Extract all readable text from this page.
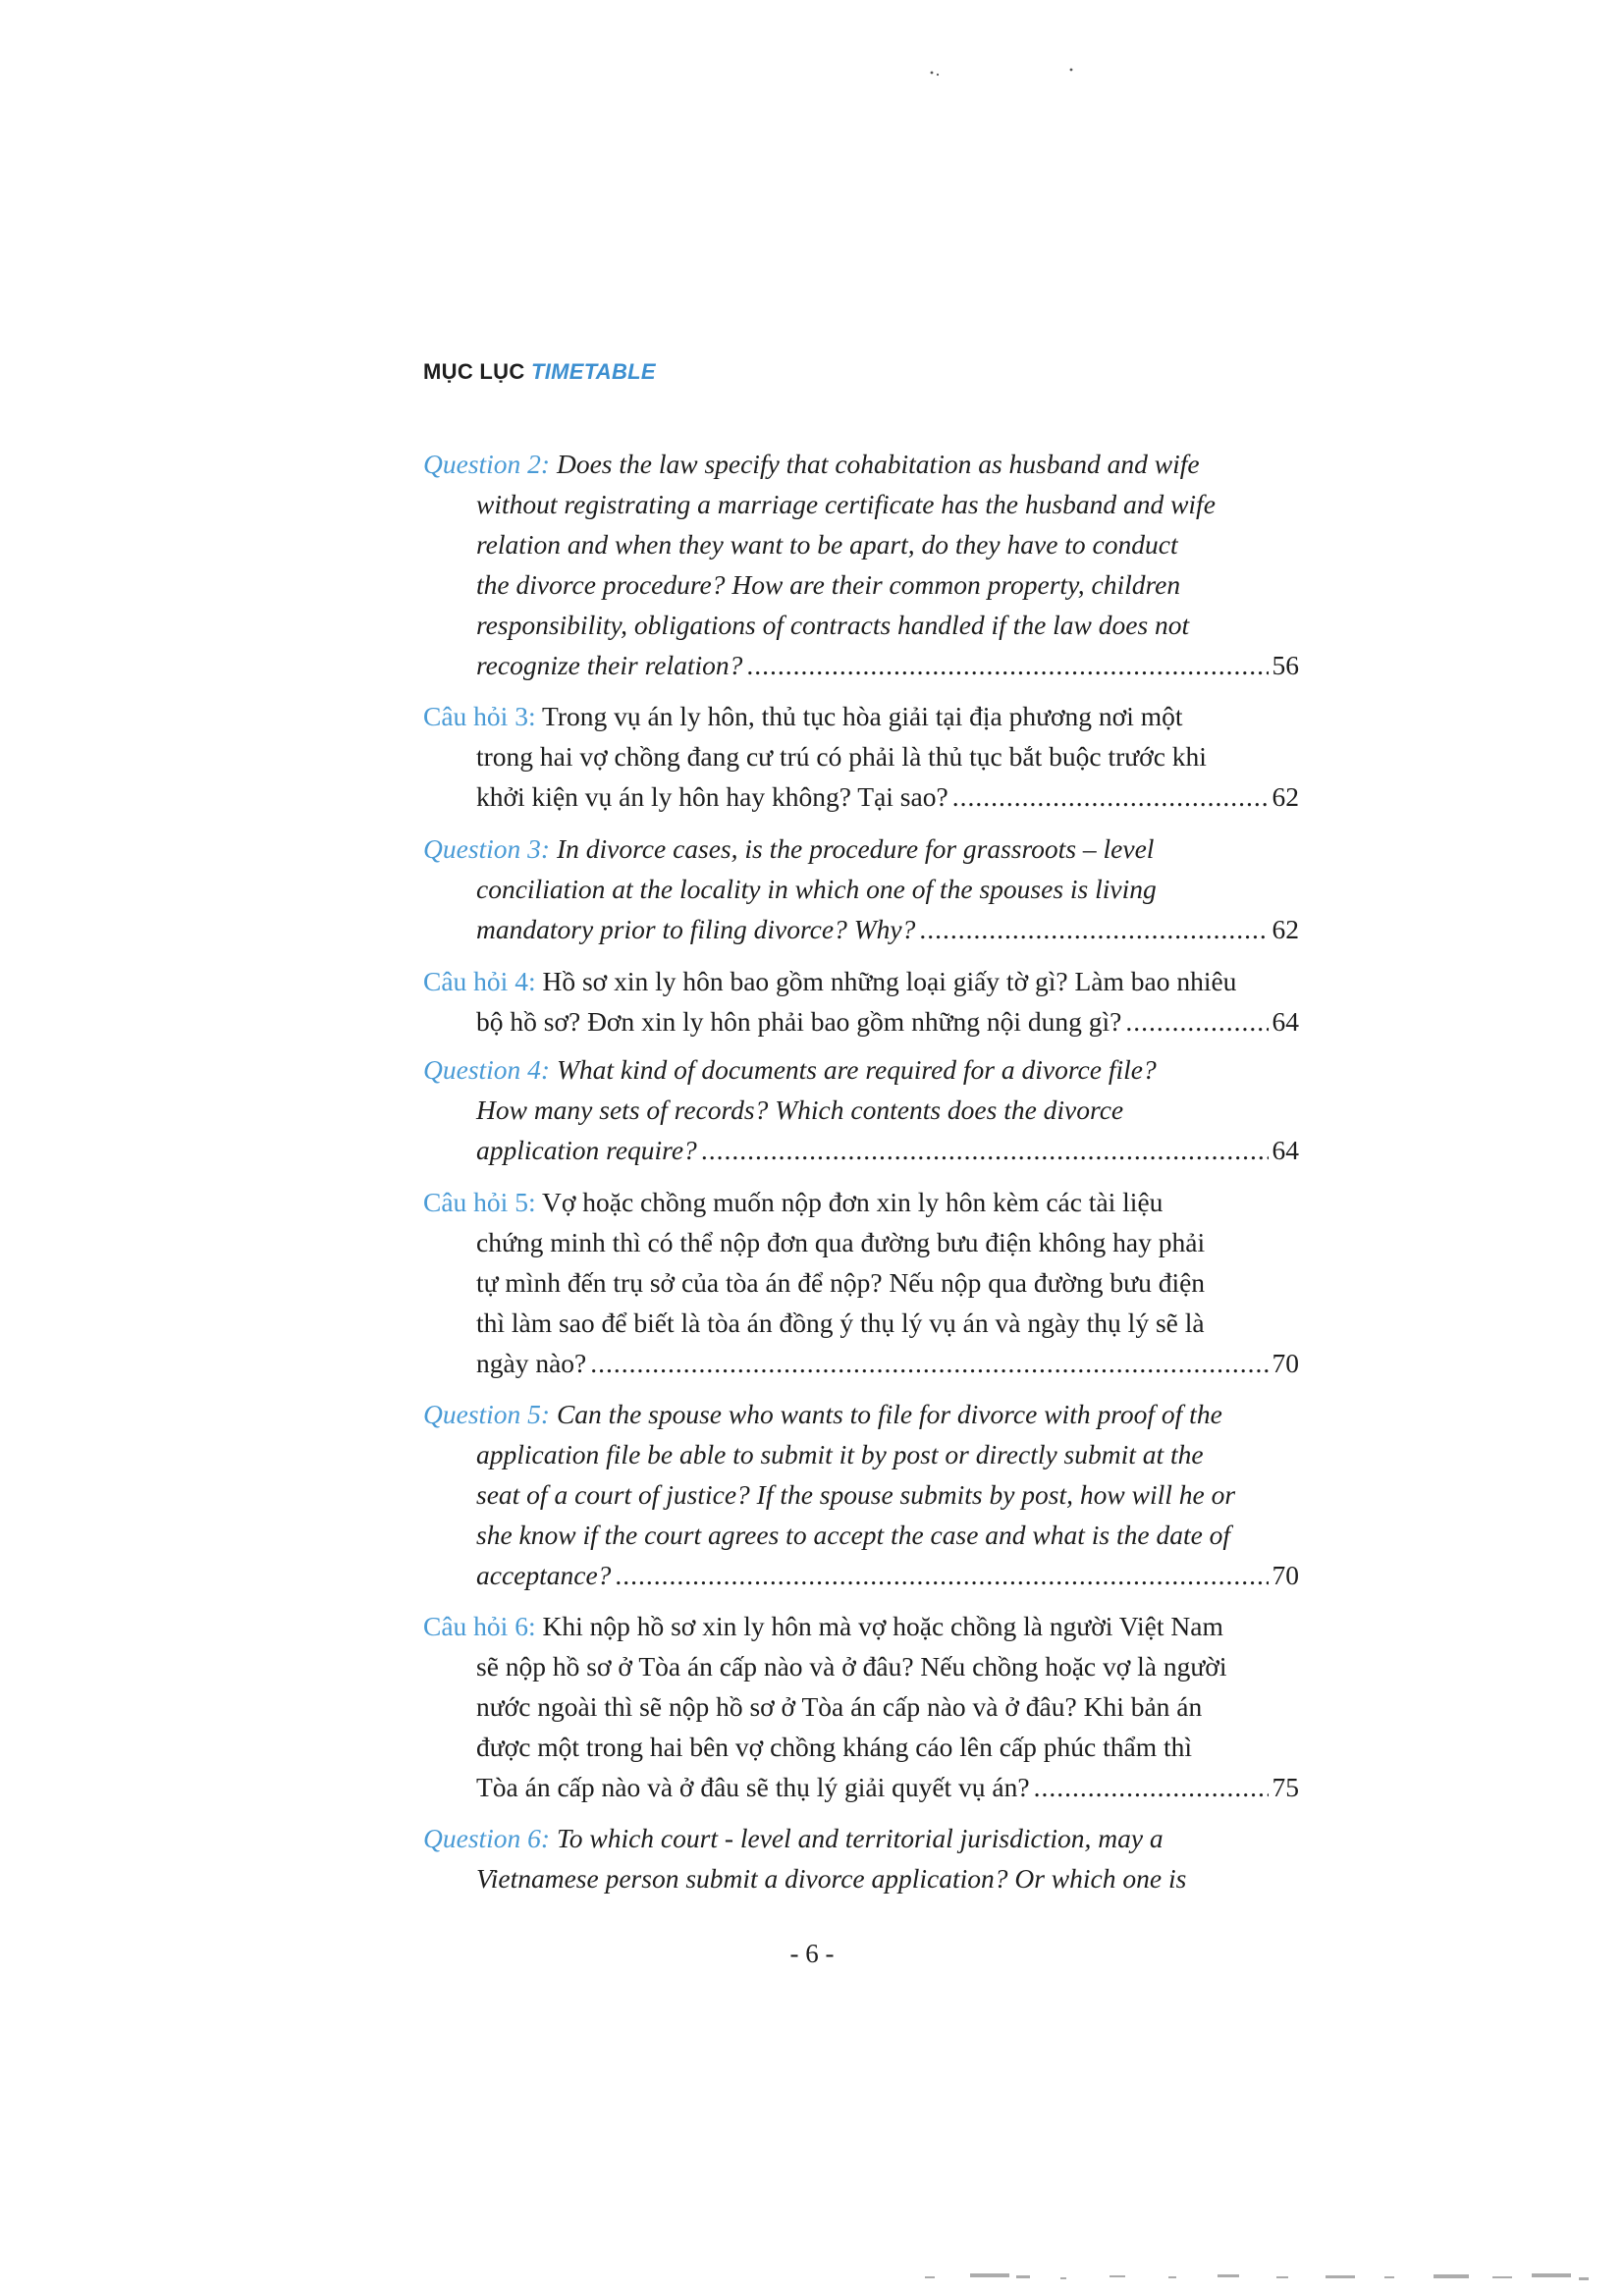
MỤC LỤC TIMETABLE
Question 2: Does the law specify that cohabitation as husband and wife
without registrating a marriage certificate has the husband and wife
relation and when they want to be apart, do they have to conduct
the divorce procedure? How are their common property, children
responsibility, obligations of contracts handled if the law does not
recognize their relation? .....	56
Câu hỏi 3: Trong vụ án ly hôn, thủ tục hòa giải tại địa phương nơi một
trong hai vợ chồng đang cư trú có phải là thủ tục bắt buộc trước khi
khởi kiện vụ án ly hôn hay không? Tại sao? .....	62
Question 3: In divorce cases, is the procedure for grassroots – level
conciliation at the locality in which one of the spouses is living
mandatory prior to filing divorce? Why? .....	62
Câu hỏi 4: Hồ sơ xin ly hôn bao gồm những loại giấy tờ gì? Làm bao nhiêu
bộ hồ sơ? Đơn xin ly hôn phải bao gồm những nội dung gì? .....	64
Question 4: What kind of documents are required for a divorce file?
How many sets of records? Which contents does the divorce
application require? .....	64
Câu hỏi 5: Vợ hoặc chồng muốn nộp đơn xin ly hôn kèm các tài liệu
chứng minh thì có thể nộp đơn qua đường bưu điện không hay phải
tự mình đến trụ sở của tòa án để nộp? Nếu nộp qua đường bưu điện
thì làm sao để biết là tòa án đồng ý thụ lý vụ án và ngày thụ lý sẽ là
ngày nào? .....	70
Question 5: Can the spouse who wants to file for divorce with proof of the
application file be able to submit it by post or directly submit at the
seat of a court of justice? If the spouse submits by post, how will he or
she know if the court agrees to accept the case and what is the date of
acceptance? .....	70
Câu hỏi 6: Khi nộp hồ sơ xin ly hôn mà vợ hoặc chồng là người Việt Nam
sẽ nộp hồ sơ ở Tòa án cấp nào và ở đâu? Nếu chồng hoặc vợ là người
nước ngoài thì sẽ nộp hồ sơ ở Tòa án cấp nào và ở đâu? Khi bản án
được một trong hai bên vợ chồng kháng cáo lên cấp phúc thẩm thì
Tòa án cấp nào và ở đâu sẽ thụ lý giải quyết vụ án? .....	75
Question 6: To which court - level and territorial jurisdiction, may a
Vietnamese person submit a divorce application? Or which one is
- 6 -
